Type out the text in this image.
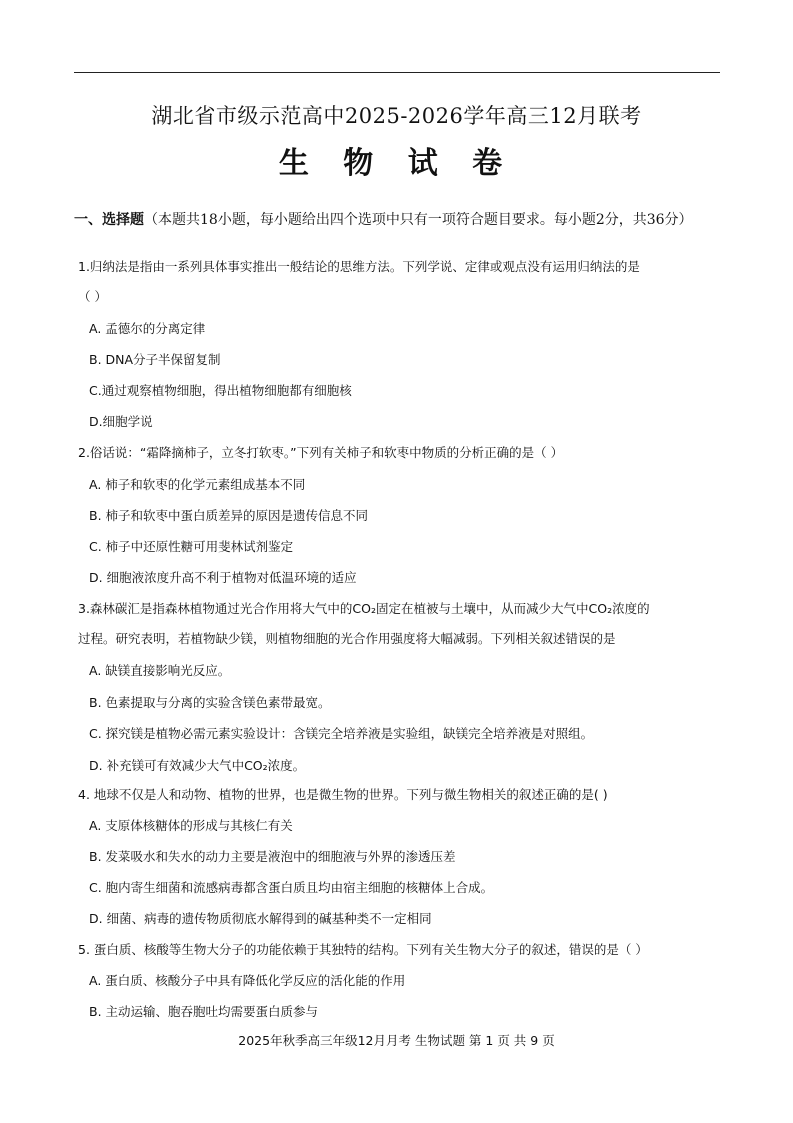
湖北省市级示范高中2025-2026学年高三12月联考
生 物 试 卷
一、选择题（本题共18小题，每小题给出四个选项中只有一项符合题目要求。每小题2分，共36分）
1.归纳法是指由一系列具体事实推出一般结论的思维方法。下列学说、定律或观点没有运用归纳法的是
（ ）
A. 孟德尔的分离定律
B. DNA分子半保留复制
C.通过观察植物细胞，得出植物细胞都有细胞核
D.细胞学说
2.俗话说：“霜降摘柿子，立冬打软枣。”下列有关柿子和软枣中物质的分析正确的是（ ）
A. 柿子和软枣的化学元素组成基本不同
B. 柿子和软枣中蛋白质差异的原因是遗传信息不同
C. 柿子中还原性糖可用斐林试剂鉴定
D. 细胞液浓度升高不利于植物对低温环境的适应
3.森林碳汇是指森林植物通过光合作用将大气中的CO₂固定在植被与土壤中，从而减少大气中CO₂浓度的
过程。研究表明，若植物缺少镁，则植物细胞的光合作用强度将大幅减弱。下列相关叙述错误的是
A. 缺镁直接影响光反应。
B. 色素提取与分离的实验含镁色素带最宽。
C. 探究镁是植物必需元素实验设计：含镁完全培养液是实验组，缺镁完全培养液是对照组。
D. 补充镁可有效减少大气中CO₂浓度。
4. 地球不仅是人和动物、植物的世界，也是微生物的世界。下列与微生物相关的叙述正确的是( )
A. 支原体核糖体的形成与其核仁有关
B. 发菜吸水和失水的动力主要是液泡中的细胞液与外界的渗透压差
C. 胞内寄生细菌和流感病毒都含蛋白质且均由宿主细胞的核糖体上合成。
D. 细菌、病毒的遗传物质彻底水解得到的碱基种类不一定相同
5. 蛋白质、核酸等生物大分子的功能依赖于其独特的结构。下列有关生物大分子的叙述，错误的是（ ）
A. 蛋白质、核酸分子中具有降低化学反应的活化能的作用
B. 主动运输、胞吞胞吐均需要蛋白质参与
2025年秋季高三年级12月月考 生物试题 第 1 页 共 9 页
